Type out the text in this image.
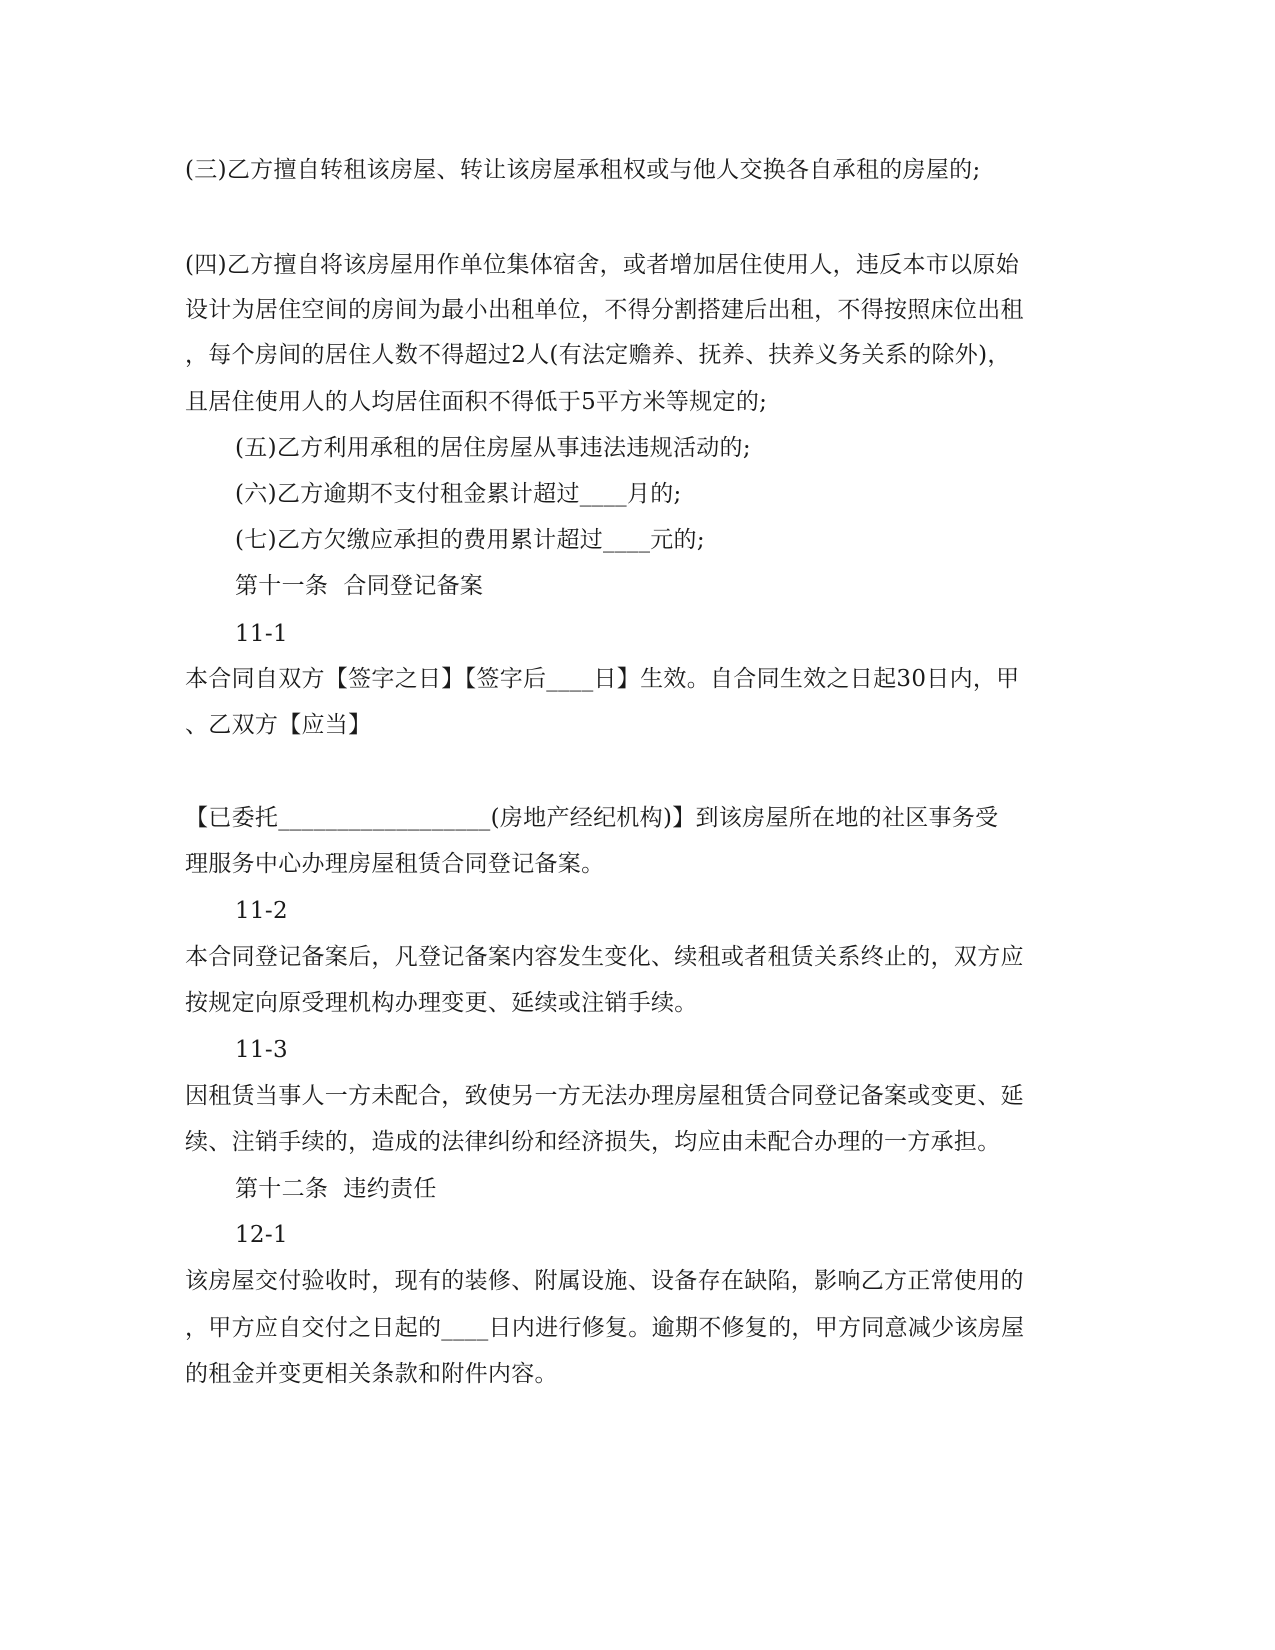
(三)乙方擅自转租该房屋、转让该房屋承租权或与他人交换各自承租的房屋的;
(四)乙方擅自将该房屋用作单位集体宿舍，或者增加居住使用人，违反本市以原始
设计为居住空间的房间为最小出租单位，不得分割搭建后出租，不得按照床位出租
，每个房间的居住人数不得超过2人(有法定赡养、抚养、扶养义务关系的除外)，
且居住使用人的人均居住面积不得低于5平方米等规定的;
(五)乙方利用承租的居住房屋从事违法违规活动的;
(六)乙方逾期不支付租金累计超过____月的;
(七)乙方欠缴应承担的费用累计超过____元的;
第十一条  合同登记备案
11-1
本合同自双方【签字之日】【签字后____日】生效。自合同生效之日起30日内，甲
、乙双方【应当】
【已委托__________________(房地产经纪机构)】到该房屋所在地的社区事务受
理服务中心办理房屋租赁合同登记备案。
11-2
本合同登记备案后，凡登记备案内容发生变化、续租或者租赁关系终止的，双方应
按规定向原受理机构办理变更、延续或注销手续。
11-3
因租赁当事人一方未配合，致使另一方无法办理房屋租赁合同登记备案或变更、延
续、注销手续的，造成的法律纠纷和经济损失，均应由未配合办理的一方承担。
第十二条  违约责任
12-1
该房屋交付验收时，现有的装修、附属设施、设备存在缺陷，影响乙方正常使用的
，甲方应自交付之日起的____日内进行修复。逾期不修复的，甲方同意减少该房屋
的租金并变更相关条款和附件内容。
